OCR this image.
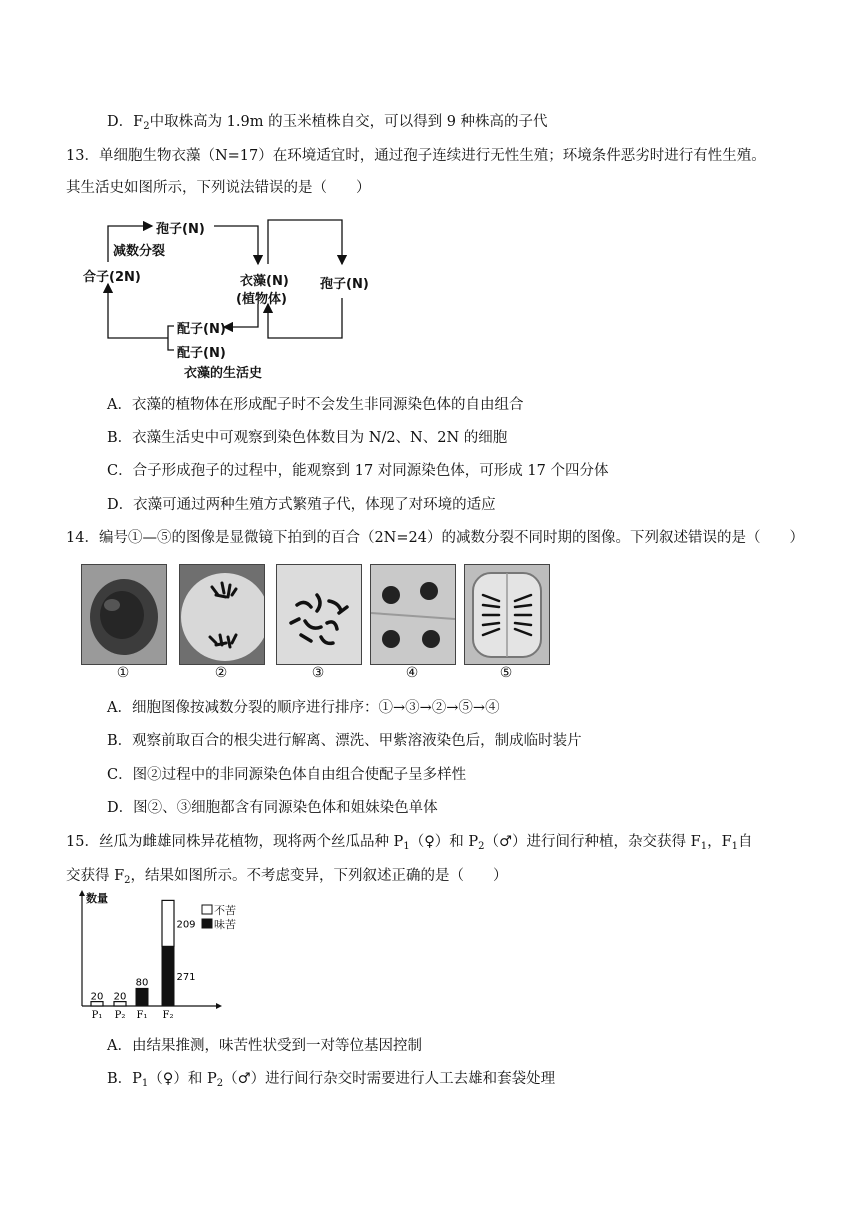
D．$F_2$中取株高为 1.9m 的玉米植株自交，可以得到 9 种株高的子代
13．单细胞生物衣藻（N=17）在环境适宜时，通过孢子连续进行无性生殖；环境条件恶劣时进行有性生殖。
其生活史如图所示，下列说法错误的是（　　）
孢子(N)
减数分裂
合子(2N)	衣藻(N)
(植物体)
孢子(N)
配子(N)
配子(N)
衣藻的生活史
A．衣藻的植物体在形成配子时不会发生非同源染色体的自由组合
B．衣藻生活史中可观察到染色体数目为 N/2、N、2N 的细胞
C．合子形成孢子的过程中，能观察到 17 对同源染色体，可形成 17 个四分体
D．衣藻可通过两种生殖方式繁殖子代，体现了对环境的适应
14．编号①—⑤的图像是显微镜下拍到的百合（2N=24）的减数分裂不同时期的图像。下列叙述错误的是（　　）
①	②	③	④	⑤
A．细胞图像按减数分裂的顺序进行排序：①→③→②→⑤→④
B．观察前取百合的根尖进行解离、漂洗、甲紫溶液染色后，制成临时装片
C．图②过程中的非同源染色体自由组合使配子呈多样性
D．图②、③细胞都含有同源染色体和姐妹染色单体
15．丝瓜为雌雄同株异花植物，现将两个丝瓜品种 $P_1(♀)$和 $P_2(♂)$进行间行种植，杂交获得 $F_1$，$F_1$自
交获得 $F_2$，结果如图所示。不考虑变异，下列叙述正确的是（　　）
P₁ P₂ F₁ F₂
20 20
80	271
209
数量
不苦
味苦
A．由结果推测，味苦性状受到一对等位基因控制
B．$P_1(♀)$和 $P_2(♂)$进行间行杂交时需要进行人工去雄和套袋处理
